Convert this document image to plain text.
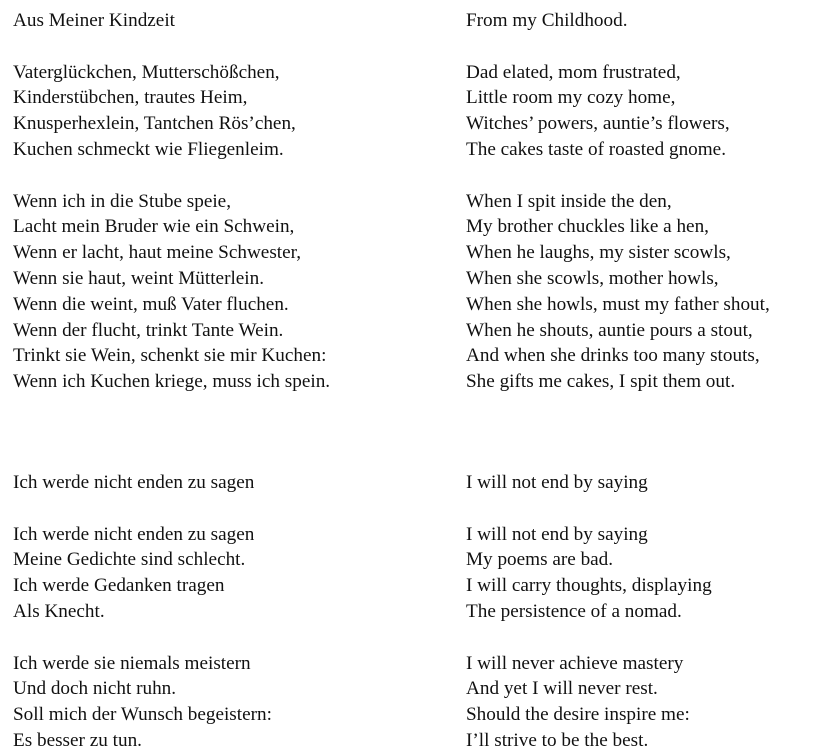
Aus Meiner Kindzeit
Vaterglückchen, Mutterschößchen,
Kinderstübchen, trautes Heim,
Knusperhexlein, Tantchen Rös’chen,
Kuchen schmeckt wie Fliegenleim.
Wenn ich in die Stube speie,
Lacht mein Bruder wie ein Schwein,
Wenn er lacht, haut meine Schwester,
Wenn sie haut, weint Mütterlein.
Wenn die weint, muß Vater fluchen.
Wenn der flucht, trinkt Tante Wein.
Trinkt sie Wein, schenkt sie mir Kuchen:
Wenn ich Kuchen kriege, muss ich spein.
From my Childhood.
Dad elated, mom frustrated,
Little room my cozy home,
Witches’ powers, auntie’s flowers,
The cakes taste of roasted gnome.
When I spit inside the den,
My brother chuckles like a hen,
When he laughs, my sister scowls,
When she scowls, mother howls,
When she howls, must my father shout,
When he shouts, auntie pours a stout,
And when she drinks too many stouts,
She gifts me cakes, I spit them out.
Ich werde nicht enden zu sagen
Ich werde nicht enden zu sagen
Meine Gedichte sind schlecht.
Ich werde Gedanken tragen
Als Knecht.
Ich werde sie niemals meistern
Und doch nicht ruhn.
Soll mich der Wunsch begeistern:
Es besser zu tun.
I will not end by saying
I will not end by saying
My poems are bad.
I will carry thoughts, displaying
The persistence of a nomad.
I will never achieve mastery
And yet I will never rest.
Should the desire inspire me:
I’ll strive to be the best.
